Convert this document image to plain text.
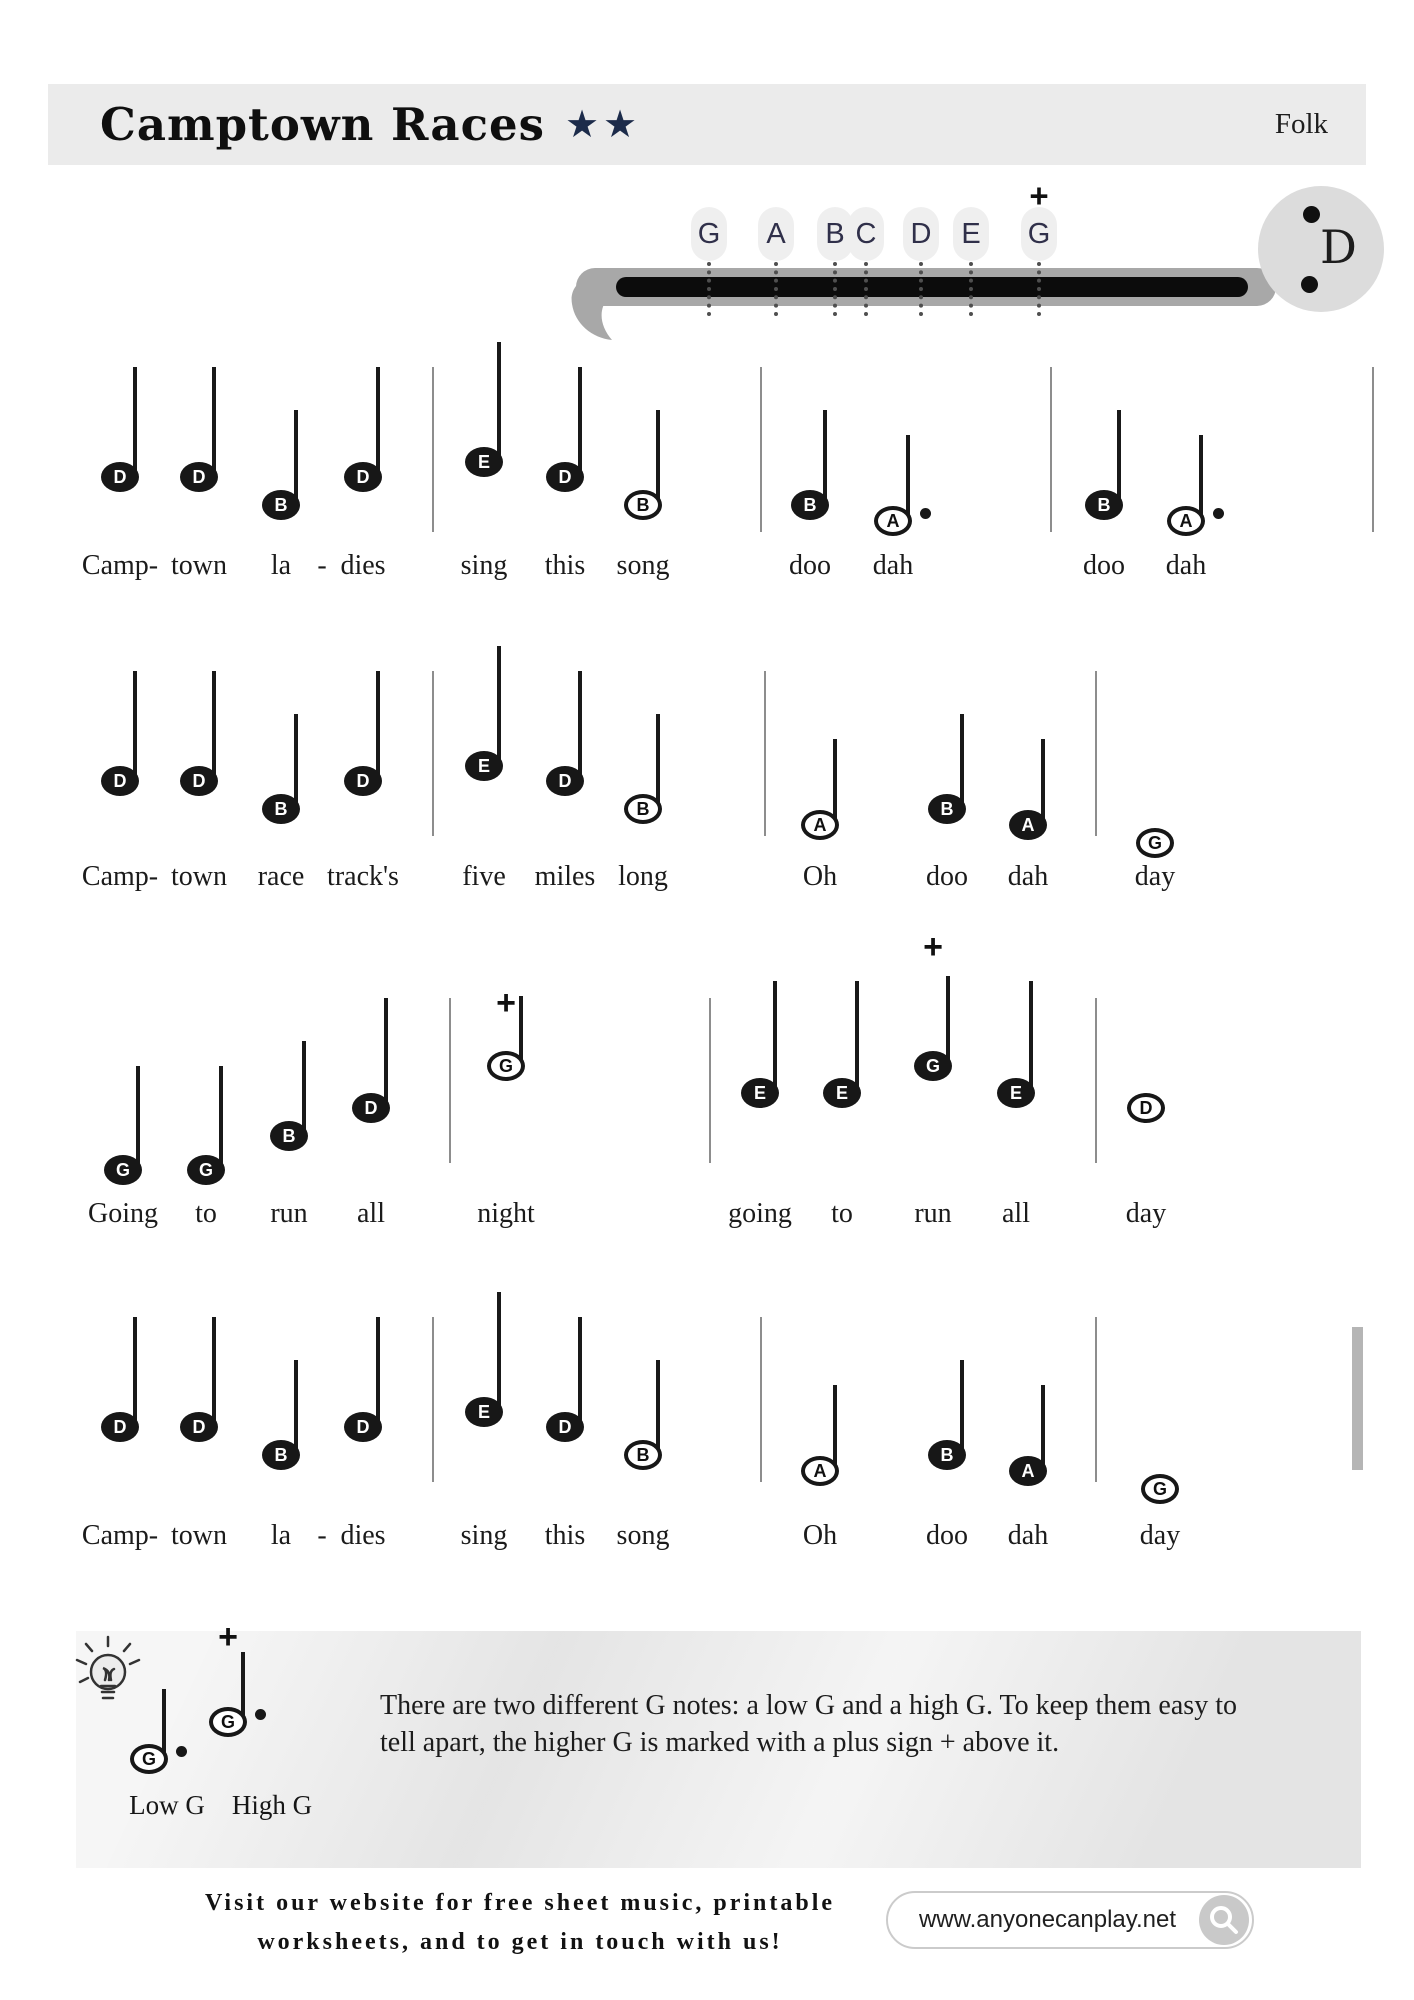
Camptown Races ★★	Folk
D
G A B C D E G
+
D	D
B
D
E
D
B	B
A
B
A
Camp- town la - dies	sing this song	doo dah	doo dah
D	D
B
D
E
D
B
A
B
A
G
Camp- town race track's five miles long	Oh	doo dah	day
G	G
B
D
G
+
E	E
G
+
E
D
Going to run all	night	going to run all	day
D	D
B
D
E
D
B
A
B
A
G
Camp- town la - dies	sing this song	Oh	doo dah	day
G
G
+
Low G High G
There are two different G notes: a low G and a high G. To keep them easy to
tell apart, the higher G is marked with a plus sign + above it.
Visit our website for free sheet music, printable
worksheets, and to get in touch with us!
www.anyonecanplay.net
